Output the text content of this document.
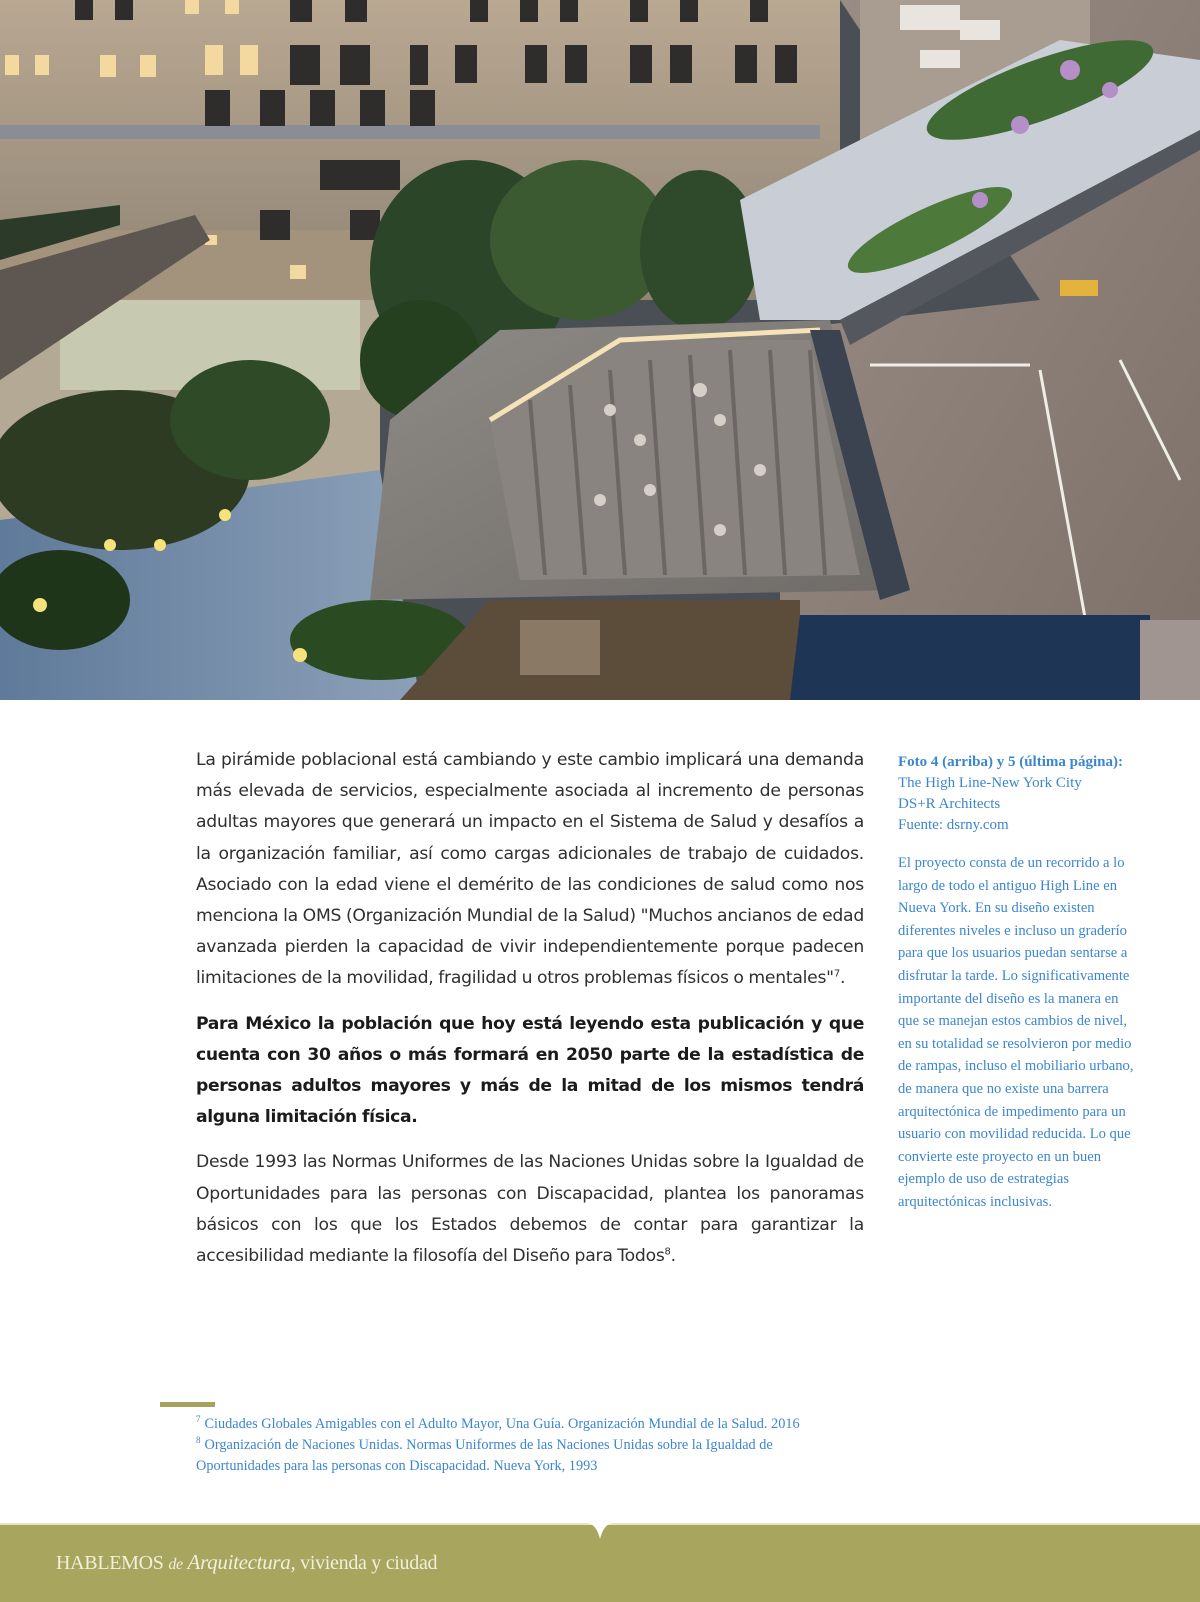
La pirámide poblacional está cambiando y este cambio implicará una demanda más elevada de servicios, especialmente asociada al incremento de personas adultas mayores que generará un impacto en el Sistema de Salud y desafíos a la organización familiar, así como cargas adicionales de trabajo de cuidados. Asociado con la edad viene el demérito de las condiciones de salud como nos menciona la OMS (Organización Mundial de la Salud) "Muchos ancianos de edad avanzada pierden la capacidad de vivir independientemente porque padecen limitaciones de la movilidad, fragilidad u otros problemas físicos o mentales"$^7$.

Para México la población que hoy está leyendo esta publicación y que cuenta con 30 años o más formará en 2050 parte de la estadística de personas adultos mayores y más de la mitad de los mismos tendrá alguna limitación física.

Desde 1993 las Normas Uniformes de las Naciones Unidas sobre la Igualdad de Oportunidades para las personas con Discapacidad, plantea los panoramas básicos con los que los Estados debemos de contar para garantizar la accesibilidad mediante la filosofía del Diseño para Todos$^8$.

Foto 4 (arriba) y 5 (última página):
The High Line-New York City
DS+R Architects
Fuente: dsrny.com
El proyecto consta de un recorrido a lo largo de todo el antiguo High Line en Nueva York. En su diseño existen diferentes niveles e incluso un graderío para que los usuarios puedan sentarse a disfrutar la tarde. Lo significativamente importante del diseño es la manera en que se manejan estos cambios de nivel, en su totalidad se resolvieron por medio de rampas, incluso el mobiliario urbano, de manera que no existe una barrera arquitectónica de impedimento para un usuario con movilidad reducida. Lo que convierte este proyecto en un buen ejemplo de uso de estrategias arquitectónicas inclusivas.
$^7$ Ciudades Globales Amigables con el Adulto Mayor, Una Guía. Organización Mundial de la Salud. 2016
$^8$ Organización de Naciones Unidas. Normas Uniformes de las Naciones Unidas sobre la Igualdad de Oportunidades para las personas con Discapacidad. Nueva York, 1993
HABLEMOS de Arquitectura, vivienda y ciudad
